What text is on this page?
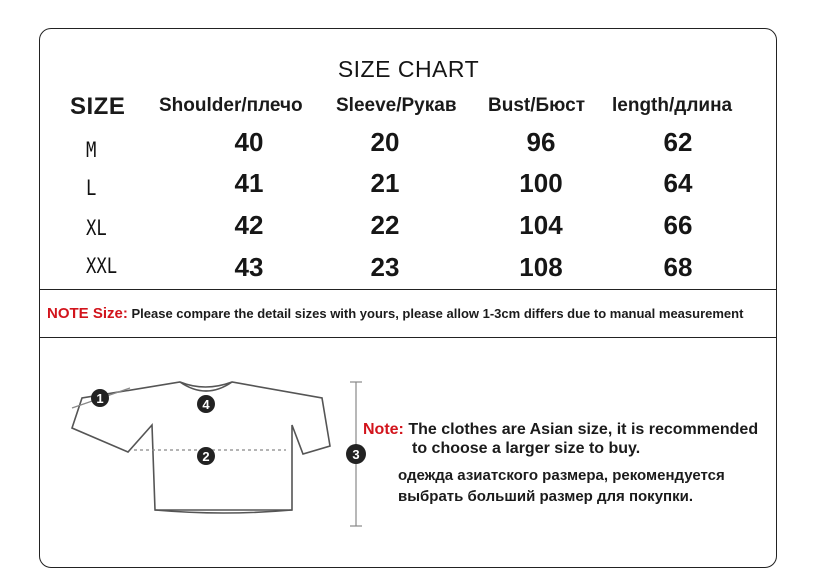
SIZE CHART
SIZE Shoulder/плечо Sleeve/Рукав Bust/Бюст length/длина
M	40	20	96	62
L	41	21	100	64
XL	42	22	104	66
XXL	43	23	108	68
NOTE Size: Please compare the detail sizes with yours, please allow 1-3cm differs due to manual measurement
1
2	3
4
Note: The clothes are Asian size, it is recommended
to choose a larger size to buy.
одежда азиатского размера, рекомендуется
выбрать больший размер для покупки.
